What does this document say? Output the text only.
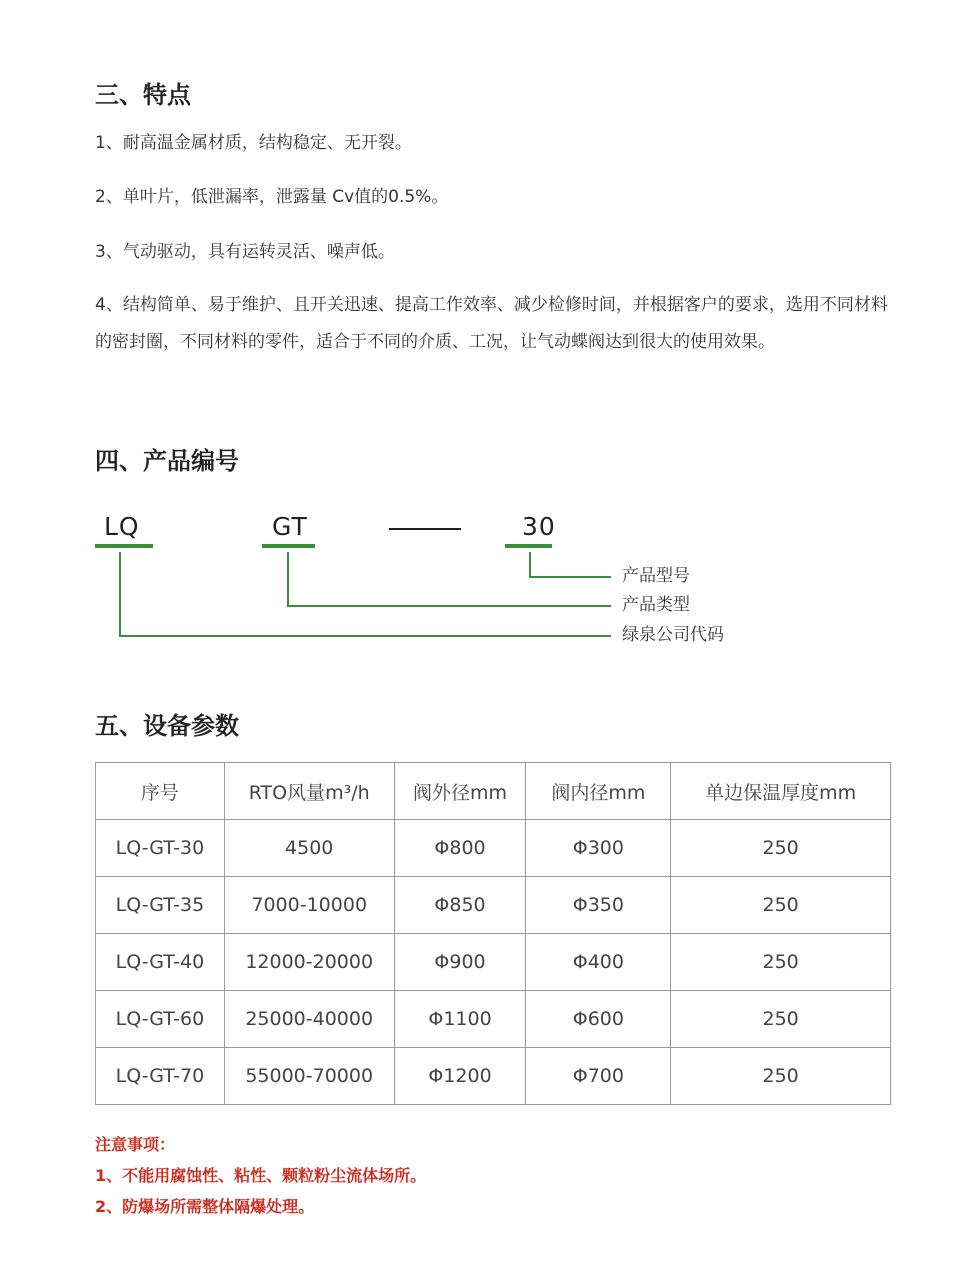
三、特点

1、耐高温金属材质，结构稳定、无开裂。

2、单叶片，低泄漏率，泄露量 Cv值的0.5%。

3、气动驱动，具有运转灵活、噪声低。

4、结构简单、易于维护、且开关迅速、提高工作效率、减少检修时间，并根据客户的要求，选用不同材料的密封圈，不同材料的零件，适合于不同的介质、工况，让气动蝶阀达到很大的使用效果。

四、产品编号
LQ	GT	30
产品型号
产品类型
绿泉公司代码
五、设备参数
序号	RTO风量m³/h	阀外径mm	阀内径mm	单边保温厚度mm
LQ-GT-30	4500	Φ800	Φ300	250
LQ-GT-35	7000-10000	Φ850	Φ350	250
LQ-GT-40	12000-20000	Φ900	Φ400	250
LQ-GT-60	25000-40000	Φ1100	Φ600	250
LQ-GT-70	55000-70000	Φ1200	Φ700	250

注意事项：

1、不能用腐蚀性、粘性、颗粒粉尘流体场所。

2、防爆场所需整体隔爆处理。
